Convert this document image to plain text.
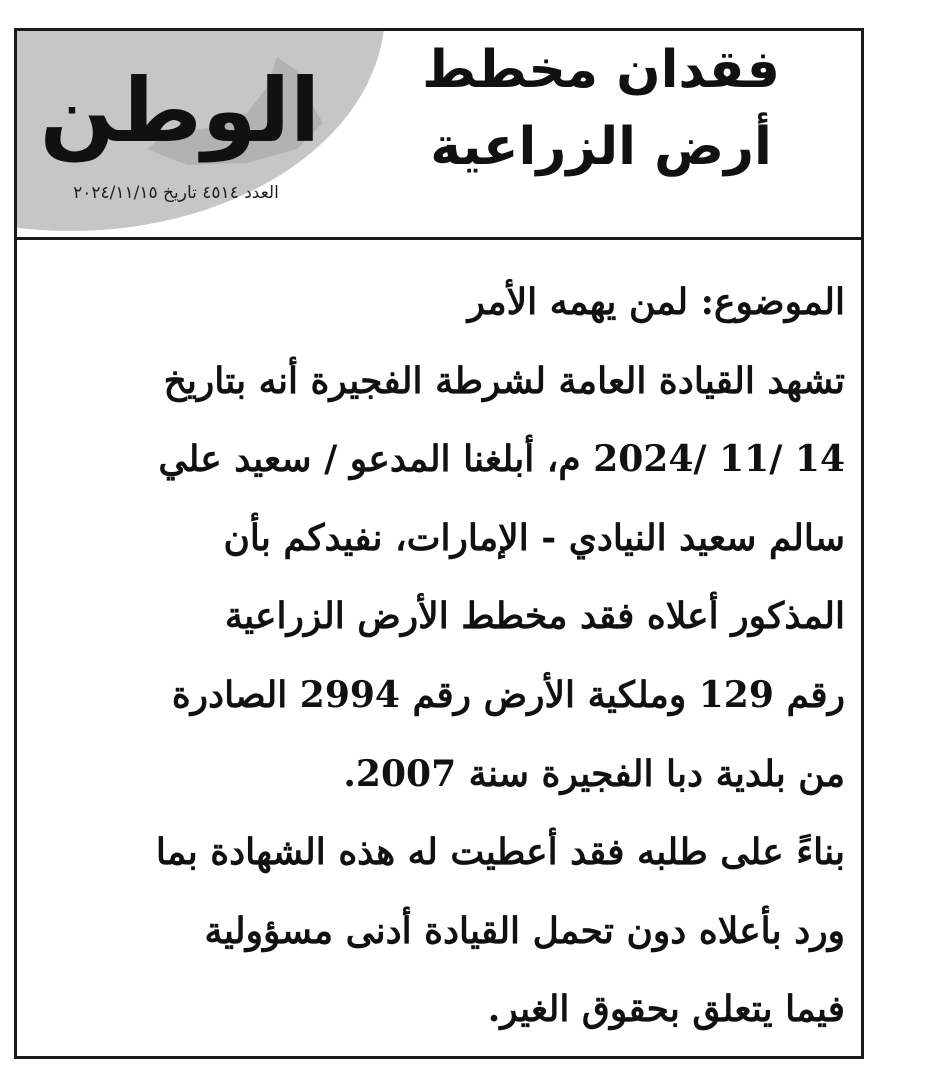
الوطن
العدد ٤٥١٤ تاريخ ٢٠٢٤/١١/١٥
فقدان مخطط
أرض الزراعية
الموضوع: لمن يهمه الأمر
تشهد القيادة العامة لشرطة الفجيرة أنه بتاريخ
14 /11 /2024 م، أبلغنا المدعو / سعيد علي
سالم سعيد النيادي - الإمارات، نفيدكم بأن
المذكور أعلاه فقد مخطط الأرض الزراعية
رقم 129 وملكية الأرض رقم 2994 الصادرة
من بلدية دبا الفجيرة سنة 2007.
بناءً على طلبه فقد أعطيت له هذه الشهادة بما
ورد بأعلاه دون تحمل القيادة أدنى مسؤولية
فيما يتعلق بحقوق الغير.
